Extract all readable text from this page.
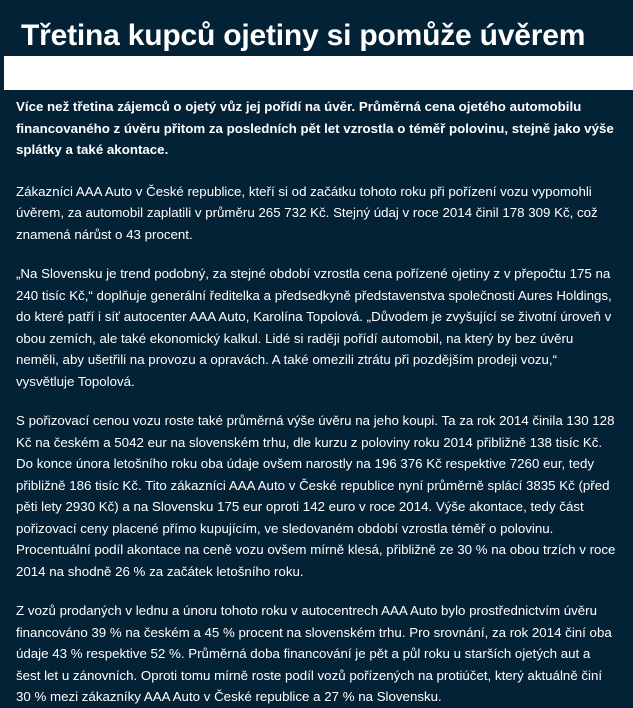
Třetina kupců ojetiny si pomůže úvěrem

Více než třetina zájemců o ojetý vůz jej pořídí na úvěr. Průměrná cena ojetého automobilu financovaného z úvěru přitom za posledních pět let vzrostla o téměř polovinu, stejně jako výše splátky a také akontace.

Zákazníci AAA Auto v České republice, kteří si od začátku tohoto roku při pořízení vozu vypomohli úvěrem, za automobil zaplatili v průměru 265 732 Kč. Stejný údaj v roce 2014 činil 178 309 Kč, což znamená nárůst o 43 procent.

„Na Slovensku je trend podobný, za stejné období vzrostla cena pořízené ojetiny z v přepočtu 175 na 240 tisíc Kč,“ doplňuje generální ředitelka a předsedkyně představenstva společnosti Aures Holdings, do které patří i síť autocenter AAA Auto, Karolína Topolová. „Důvodem je zvyšující se životní úroveň v obou zemích, ale také ekonomický kalkul. Lidé si raději pořídí automobil, na který by bez úvěru neměli, aby ušetřili na provozu a opravách. A také omezili ztrátu při pozdějším prodeji vozu,“ vysvětluje Topolová.

S pořizovací cenou vozu roste také průměrná výše úvěru na jeho koupi. Ta za rok 2014 činila 130 128 Kč na českém a 5042 eur na slovenském trhu, dle kurzu z poloviny roku 2014 přibližně 138 tisíc Kč. Do konce února letošního roku oba údaje ovšem narostly na 196 376 Kč respektive 7260 eur, tedy přibližně 186 tisíc Kč. Tito zákazníci AAA Auto v České republice nyní průměrně splácí 3835 Kč (před pěti lety 2930 Kč) a na Slovensku 175 eur oproti 142 euro v roce 2014. Výše akontace, tedy část pořizovací ceny placené přímo kupujícím, ve sledovaném období vzrostla téměř o polovinu. Procentuální podíl akontace na ceně vozu ovšem mírně klesá, přibližně ze 30 % na obou trzích v roce 2014 na shodně 26 % za začátek letošního roku.

Z vozů prodaných v lednu a únoru tohoto roku v autocentrech AAA Auto bylo prostřednictvím úvěru financováno 39 % na českém a 45 % procent na slovenském trhu. Pro srovnání, za rok 2014 činí oba údaje 43 % respektive 52 %. Průměrná doba financování je pět a půl roku u starších ojetých aut a šest let u zánovních. Oproti tomu mírně roste podíl vozů pořízených na protiúčet, který aktuálně činí 30 % mezi zákazníky AAA Auto v České republice a 27 % na Slovensku.
